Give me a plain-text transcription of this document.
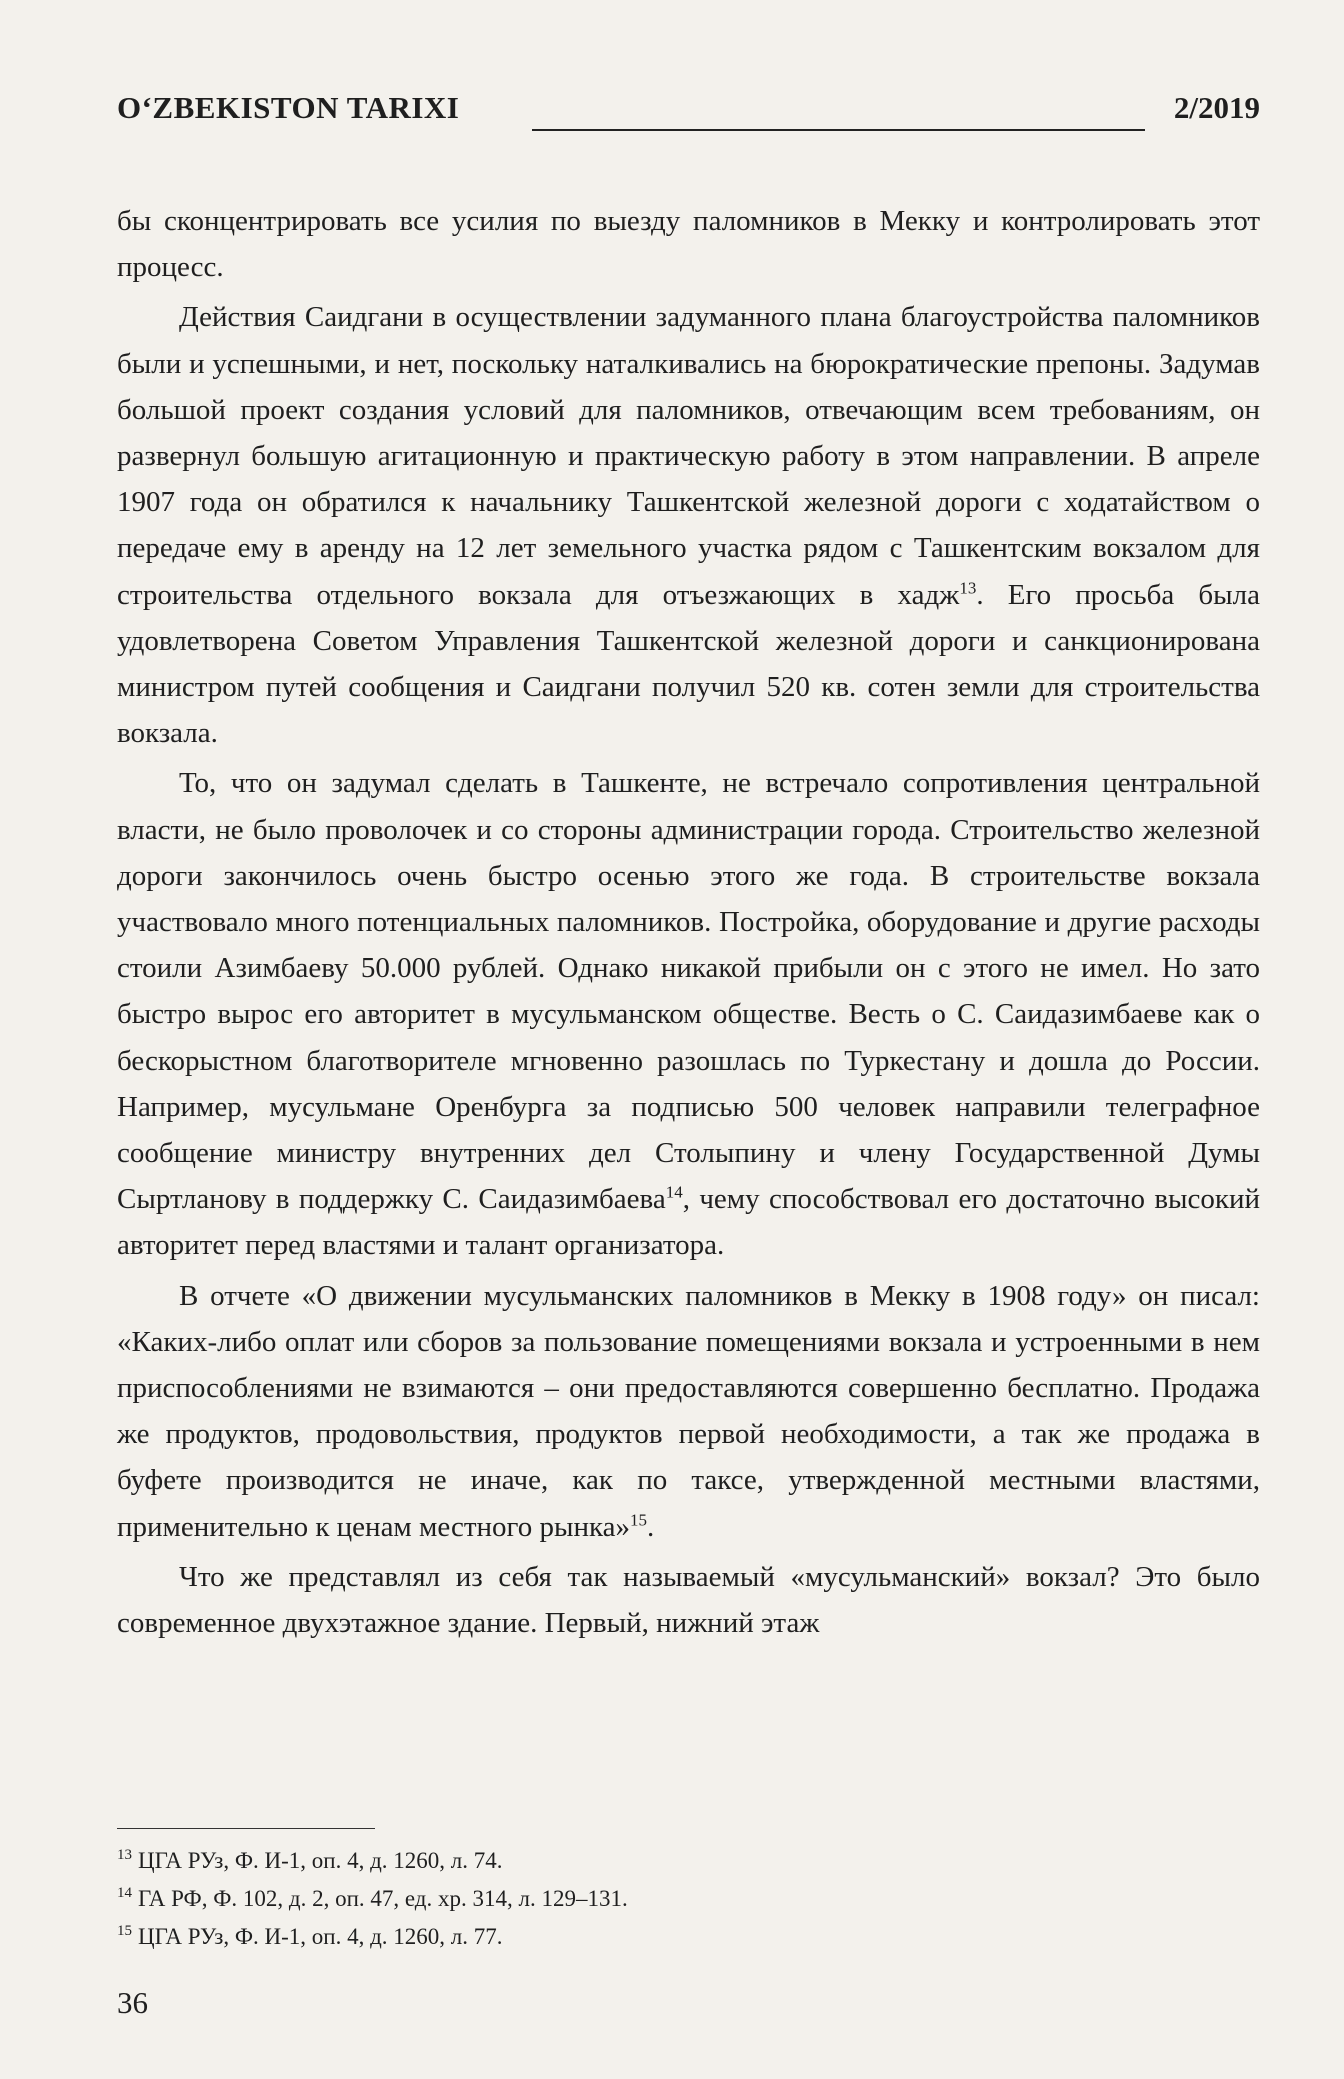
O‘ZBEKISTON TARIXI	2/2019

бы сконцентрировать все усилия по выезду паломников в Мекку и контролировать этот процесс.

Действия Саидгани в осуществлении задуманного плана благоустройства паломников были и успешными, и нет, поскольку наталкивались на бюрократические препоны. Задумав большой проект создания условий для паломников, отвечающим всем требованиям, он развернул большую агитационную и практическую работу в этом направлении. В апреле 1907 года он обратился к начальнику Ташкентской железной дороги с ходатайством о передаче ему в аренду на 12 лет земельного участка рядом с Ташкентским вокзалом для строительства отдельного вокзала для отъезжающих в хадж$^{13}$. Его просьба была удовлетворена Советом Управления Ташкентской железной дороги и санкционирована министром путей сообщения и Саидгани получил 520 кв. сотен земли для строительства вокзала.

То, что он задумал сделать в Ташкенте, не встречало сопротивления центральной власти, не было проволочек и со стороны администрации города. Строительство железной дороги закончилось очень быстро осенью этого же года. В строительстве вокзала участвовало много потенциальных паломников. Постройка, оборудование и другие расходы стоили Азимбаеву 50.000 рублей. Однако никакой прибыли он с этого не имел. Но зато быстро вырос его авторитет в мусульманском обществе. Весть о С. Саидазимбаеве как о бескорыстном благотворителе мгновенно разошлась по Туркестану и дошла до России. Например, мусульмане Оренбурга за подписью 500 человек направили телеграфное сообщение министру внутренних дел Столыпину и члену Государственной Думы Сыртланову в поддержку С. Саидазимбаева$^{14}$, чему способствовал его достаточно высокий авторитет перед властями и талант организатора.

В отчете «О движении мусульманских паломников в Мекку в 1908 году» он писал: «Каких-либо оплат или сборов за пользование помещениями вокзала и устроенными в нем приспособлениями не взимаются – они предоставляются совершенно бесплатно. Продажа же продуктов, продовольствия, продуктов первой необходимости, а так же продажа в буфете производится не иначе, как по таксе, утвержденной местными властями, применительно к ценам местного рынка»$^{15}$.

Что же представлял из себя так называемый «мусульманский» вокзал? Это было современное двухэтажное здание. Первый, нижний этаж

$^{13}$ ЦГА РУз, Ф. И-1, оп. 4, д. 1260, л. 74.
$^{14}$ ГА РФ, Ф. 102, д. 2, оп. 47, ед. хр. 314, л. 129–131.
$^{15}$ ЦГА РУз, Ф. И-1, оп. 4, д. 1260, л. 77.
36
